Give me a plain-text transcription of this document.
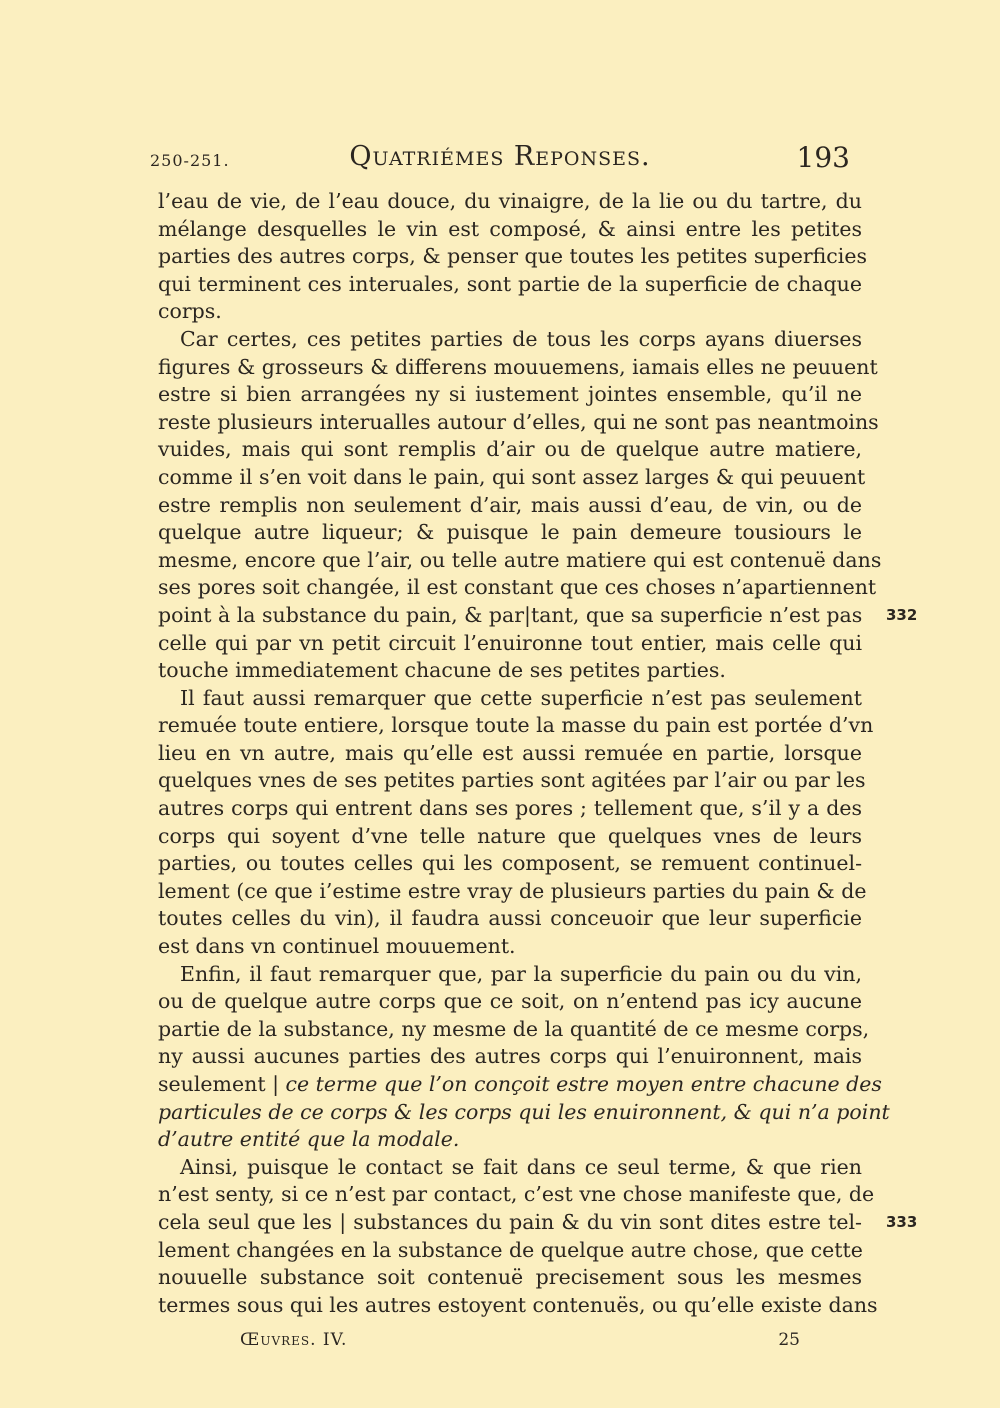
250-251.	Quatriémes Reponses.	193
l’eau de vie, de l’eau douce, du vinaigre, de la lie ou du tartre, du
mélange desquelles le vin est composé, & ainsi entre les petites
parties des autres corps, & penser que toutes les petites superficies
qui terminent ces interuales, sont partie de la superficie de chaque
corps.
Car certes, ces petites parties de tous les corps ayans diuerses
figures & grosseurs & differens mouuemens, iamais elles ne peuuent
estre si bien arrangées ny si iustement jointes ensemble, qu’il ne
reste plusieurs interualles autour d’elles, qui ne sont pas neantmoins
vuides, mais qui sont remplis d’air ou de quelque autre matiere,
comme il s’en voit dans le pain, qui sont assez larges & qui peuuent
estre remplis non seulement d’air, mais aussi d’eau, de vin, ou de
quelque autre liqueur; & puisque le pain demeure tousiours le
mesme, encore que l’air, ou telle autre matiere qui est contenuë dans
ses pores soit changée, il est constant que ces choses n’apartiennent
point à la substance du pain, & par|tant, que sa superficie n’est pas 332
celle qui par vn petit circuit l’enuironne tout entier, mais celle qui
touche immediatement chacune de ses petites parties.
Il faut aussi remarquer que cette superficie n’est pas seulement
remuée toute entiere, lorsque toute la masse du pain est portée d’vn
lieu en vn autre, mais qu’elle est aussi remuée en partie, lorsque
quelques vnes de ses petites parties sont agitées par l’air ou par les
autres corps qui entrent dans ses pores ; tellement que, s’il y a des
corps qui soyent d’vne telle nature que quelques vnes de leurs
parties, ou toutes celles qui les composent, se remuent continuel-
lement (ce que i’estime estre vray de plusieurs parties du pain & de
toutes celles du vin), il faudra aussi conceuoir que leur superficie
est dans vn continuel mouuement.
Enfin, il faut remarquer que, par la superficie du pain ou du vin,
ou de quelque autre corps que ce soit, on n’entend pas icy aucune
partie de la substance, ny mesme de la quantité de ce mesme corps,
ny aussi aucunes parties des autres corps qui l’enuironnent, mais
seulement | ce terme que l’on conçoit estre moyen entre chacune des
particules de ce corps & les corps qui les enuironnent, & qui n’a point
d’autre entité que la modale.
Ainsi, puisque le contact se fait dans ce seul terme, & que rien
n’est senty, si ce n’est par contact, c’est vne chose manifeste que, de
cela seul que les | substances du pain & du vin sont dites estre tel- 333
lement changées en la substance de quelque autre chose, que cette
nouuelle substance soit contenuë precisement sous les mesmes
termes sous qui les autres estoyent contenuës, ou qu’elle existe dans
Œuvres. IV.	25
